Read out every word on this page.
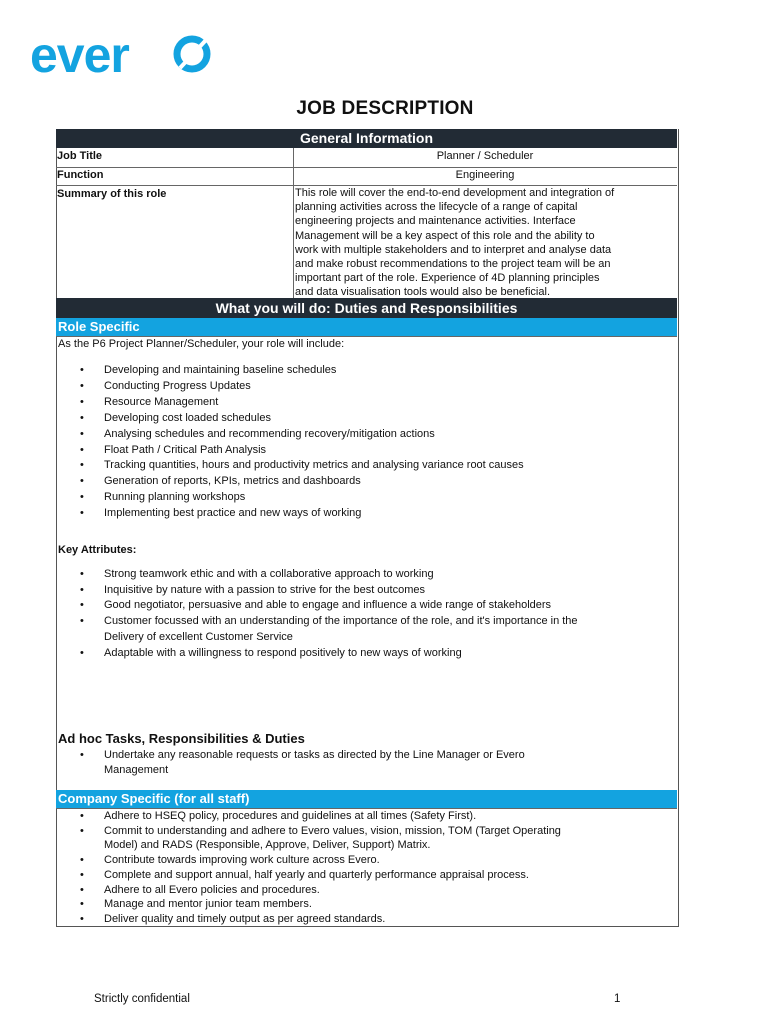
ever
JOB DESCRIPTION
General Information
Job Title	Planner / Scheduler
Function	Engineering
Summary of this role	This role will cover the end-to-end development and integration of
planning activities across the lifecycle of a range of capital
engineering projects and maintenance activities. Interface
Management will be a key aspect of this role and the ability to
work with multiple stakeholders and to interpret and analyse data
and make robust recommendations to the project team will be an
important part of the role. Experience of 4D planning principles
and data visualisation tools would also be beneficial.
What you will do: Duties and Responsibilities
Role Specific
As the P6 Project Planner/Scheduler, your role will include:
• Developing and maintaining baseline schedules
• Conducting Progress Updates
• Resource Management
• Developing cost loaded schedules
• Analysing schedules and recommending recovery/mitigation actions
• Float Path / Critical Path Analysis
• Tracking quantities, hours and productivity metrics and analysing variance root causes
• Generation of reports, KPIs, metrics and dashboards
• Running planning workshops
• Implementing best practice and new ways of working
Key Attributes:
• Strong teamwork ethic and with a collaborative approach to working
• Inquisitive by nature with a passion to strive for the best outcomes
• Good negotiator, persuasive and able to engage and influence a wide range of stakeholders
• Customer focussed with an understanding of the importance of the role, and it's importance in the
Delivery of excellent Customer Service
• Adaptable with a willingness to respond positively to new ways of working
Ad hoc Tasks, Responsibilities & Duties
• Undertake any reasonable requests or tasks as directed by the Line Manager or Evero
Management
Company Specific (for all staff)
• Adhere to HSEQ policy, procedures and guidelines at all times (Safety First).
• Commit to understanding and adhere to Evero values, vision, mission, TOM (Target Operating
Model) and RADS (Responsible, Approve, Deliver, Support) Matrix.
• Contribute towards improving work culture across Evero.
• Complete and support annual, half yearly and quarterly performance appraisal process.
• Adhere to all Evero policies and procedures.
• Manage and mentor junior team members.
• Deliver quality and timely output as per agreed standards.
Strictly confidential	1
